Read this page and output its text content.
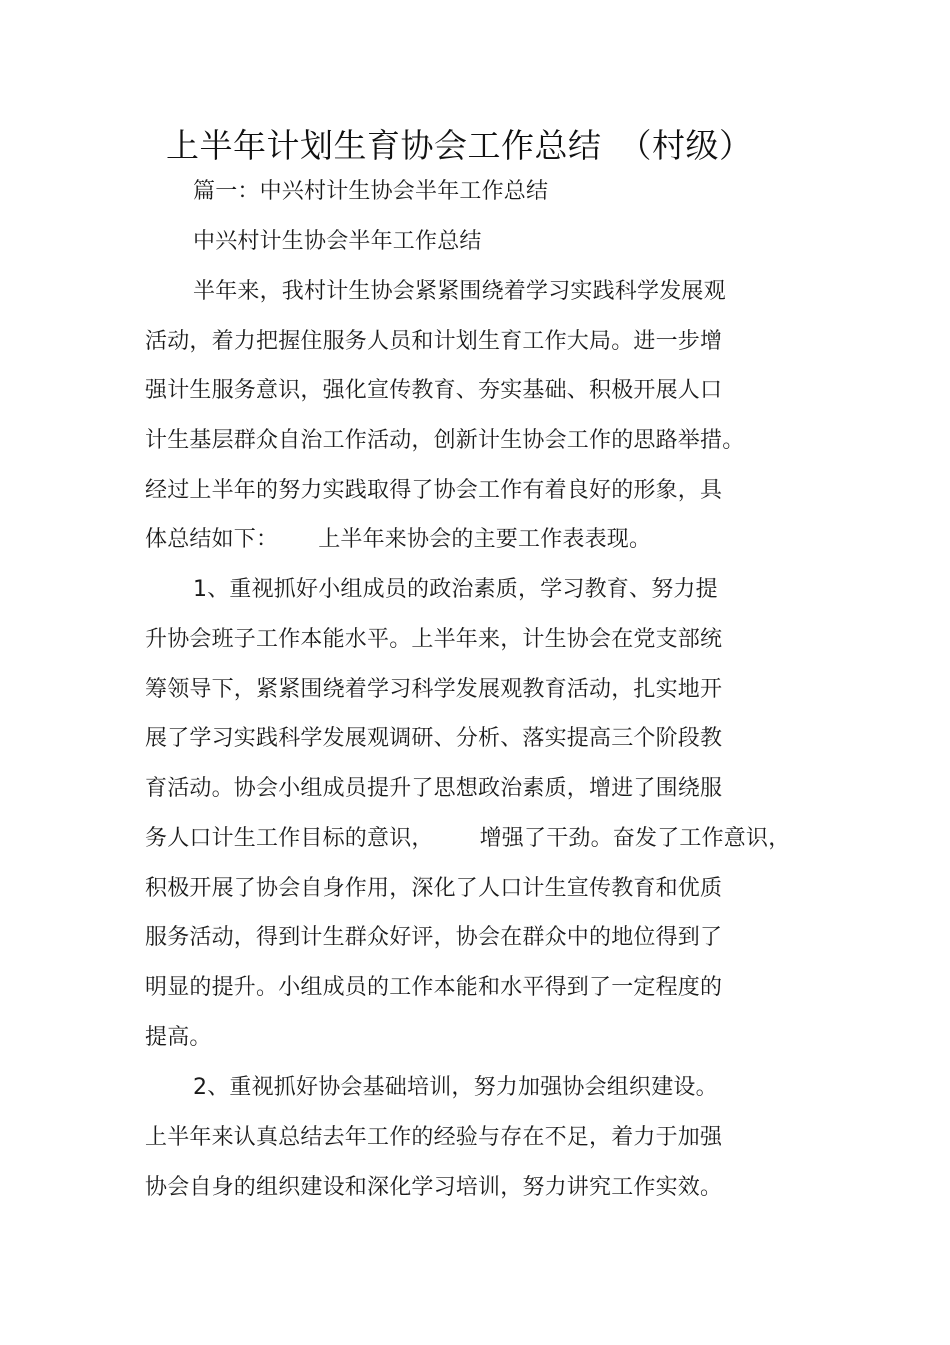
上半年计划生育协会工作总结　（村级）
篇一：中兴村计生协会半年工作总结
中兴村计生协会半年工作总结
半年来，我村计生协会紧紧围绕着学习实践科学发展观
活动，着力把握住服务人员和计划生育工作大局。进一步增
强计生服务意识，强化宣传教育、夯实基础、积极开展人口
计生基层群众自治工作活动，创新计生协会工作的思路举措。
经过上半年的努力实践取得了协会工作有着良好的形象，具
体总结如下： 上半年来协会的主要工作表表现。
1、重视抓好小组成员的政治素质，学习教育、努力提
升协会班子工作本能水平。上半年来，计生协会在党支部统
筹领导下，紧紧围绕着学习科学发展观教育活动，扎实地开
展了学习实践科学发展观调研、分析、落实提高三个阶段教
育活动。协会小组成员提升了思想政治素质，增进了围绕服
务人口计生工作目标的意识， 增强了干劲。奋发了工作意识，
积极开展了协会自身作用，深化了人口计生宣传教育和优质
服务活动，得到计生群众好评，协会在群众中的地位得到了
明显的提升。小组成员的工作本能和水平得到了一定程度的
提高。
2、重视抓好协会基础培训，努力加强协会组织建设。
上半年来认真总结去年工作的经验与存在不足，着力于加强
协会自身的组织建设和深化学习培训，努力讲究工作实效。
